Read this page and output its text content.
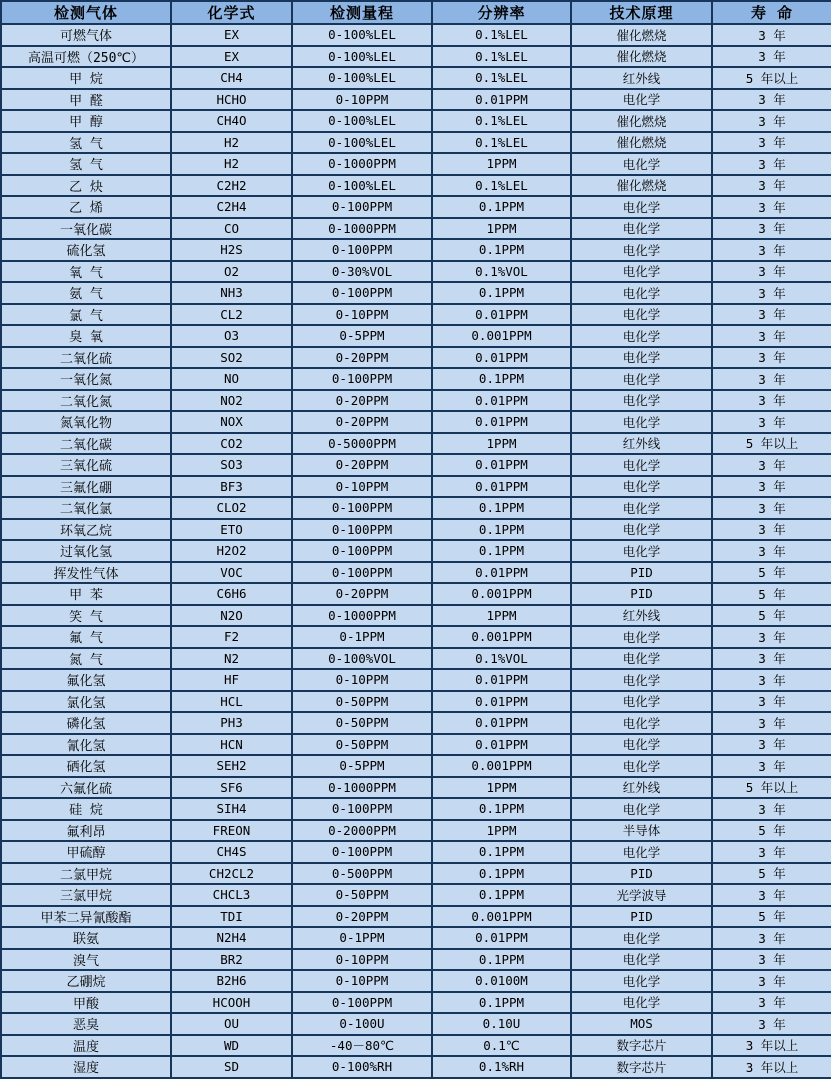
检测气体	化学式	检测量程	分辨率	技术原理	寿 命
可燃气体	EX	0-100%LEL	0.1%LEL	催化燃烧	3 年
高温可燃（250℃）	EX	0-100%LEL	0.1%LEL	催化燃烧	3 年
甲 烷	CH4	0-100%LEL	0.1%LEL	红外线	5 年以上
甲 醛	HCHO	0-10PPM	0.01PPM	电化学	3 年
甲 醇	CH4O	0-100%LEL	0.1%LEL	催化燃烧	3 年
氢 气	H2	0-100%LEL	0.1%LEL	催化燃烧	3 年
氢 气	H2	0-1000PPM	1PPM	电化学	3 年
乙 炔	C2H2	0-100%LEL	0.1%LEL	催化燃烧	3 年
乙 烯	C2H4	0-100PPM	0.1PPM	电化学	3 年
一氧化碳	CO	0-1000PPM	1PPM	电化学	3 年
硫化氢	H2S	0-100PPM	0.1PPM	电化学	3 年
氧 气	O2	0-30%VOL	0.1%VOL	电化学	3 年
氨 气	NH3	0-100PPM	0.1PPM	电化学	3 年
氯 气	CL2	0-10PPM	0.01PPM	电化学	3 年
臭 氧	O3	0-5PPM	0.001PPM	电化学	3 年
二氧化硫	SO2	0-20PPM	0.01PPM	电化学	3 年
一氧化氮	NO	0-100PPM	0.1PPM	电化学	3 年
二氧化氮	NO2	0-20PPM	0.01PPM	电化学	3 年
氮氧化物	NOX	0-20PPM	0.01PPM	电化学	3 年
二氧化碳	CO2	0-5000PPM	1PPM	红外线	5 年以上
三氧化硫	SO3	0-20PPM	0.01PPM	电化学	3 年
三氟化硼	BF3	0-10PPM	0.01PPM	电化学	3 年
二氧化氯	CLO2	0-100PPM	0.1PPM	电化学	3 年
环氧乙烷	ETO	0-100PPM	0.1PPM	电化学	3 年
过氧化氢	H2O2	0-100PPM	0.1PPM	电化学	3 年
挥发性气体	VOC	0-100PPM	0.01PPM	PID	5 年
甲 苯	C6H6	0-20PPM	0.001PPM	PID	5 年
笑 气	N2O	0-1000PPM	1PPM	红外线	5 年
氟 气	F2	0-1PPM	0.001PPM	电化学	3 年
氮 气	N2	0-100%VOL	0.1%VOL	电化学	3 年
氟化氢	HF	0-10PPM	0.01PPM	电化学	3 年
氯化氢	HCL	0-50PPM	0.01PPM	电化学	3 年
磷化氢	PH3	0-50PPM	0.01PPM	电化学	3 年
氰化氢	HCN	0-50PPM	0.01PPM	电化学	3 年
硒化氢	SEH2	0-5PPM	0.001PPM	电化学	3 年
六氟化硫	SF6	0-1000PPM	1PPM	红外线	5 年以上
硅 烷	SIH4	0-100PPM	0.1PPM	电化学	3 年
氟利昂	FREON	0-2000PPM	1PPM	半导体	5 年
甲硫醇	CH4S	0-100PPM	0.1PPM	电化学	3 年
二氯甲烷	CH2CL2	0-500PPM	0.1PPM	PID	5 年
三氯甲烷	CHCL3	0-50PPM	0.1PPM	光学波导	3 年
甲苯二异氰酸酯	TDI	0-20PPM	0.001PPM	PID	5 年
联氨	N2H4	0-1PPM	0.01PPM	电化学	3 年
溴气	BR2	0-10PPM	0.1PPM	电化学	3 年
乙硼烷	B2H6	0-10PPM	0.0100M	电化学	3 年
甲酸	HCOOH	0-100PPM	0.1PPM	电化学	3 年
恶臭	OU	0-100U	0.10U	MOS	3 年
温度	WD	-40－80℃	0.1℃	数字芯片	3 年以上
湿度	SD	0-100%RH	0.1%RH	数字芯片	3 年以上
